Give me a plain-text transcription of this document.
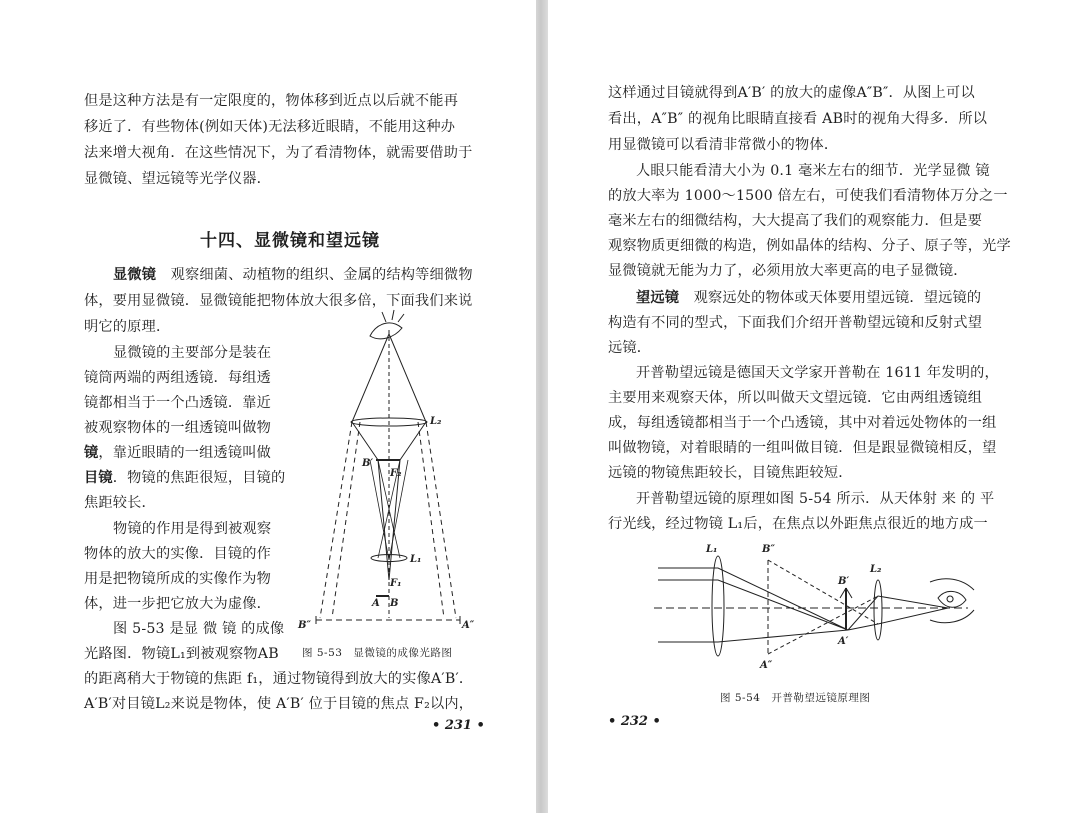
但是这种方法是有一定限度的，物体移到近点以后就不能再
移近了．有些物体(例如天体)无法移近眼睛，不能用这种办
法来增大视角．在这些情况下，为了看清物体，就需要借助于
显微镜、望远镜等光学仪器．
十四、显微镜和望远镜
显微镜　 观察细菌、动植物的组织、金属的结构等细微物
体，要用显微镜．显微镜能把物体放大很多倍，下面我们来说
明它的原理．
显微镜的主要部分是装在
镜筒两端的两组透镜．每组透
镜都相当于一个凸透镜．靠近
被观察物体的一组透镜叫做物
镜，靠近眼睛的一组透镜叫做
目镜．物镜的焦距很短，目镜的
焦距较长．
物镜的作用是得到被观察
物体的放大的实像．目镜的作
用是把物镜所成的实像作为物
体，进一步把它放大为虚像．
图 5-53 是显 微 镜 的成像
光路图．物镜L₁到被观察物AB
的距离稍大于物镜的焦距 f₁，通过物镜得到放大的实像A′B′．
A′B′对目镜L₂来说是物体，使 A′B′ 位于目镜的焦点 F₂以内，
L₂
B′
F₂
L₁
F₁
A B
B″	A″
图 5-53　显微镜的成像光路图
• 231 •
这样通过目镜就得到A′B′ 的放大的虚像A″B″．从图上可以
看出，A″B″ 的视角比眼睛直接看 AB时的视角大得多．所以
用显微镜可以看清非常微小的物体．
人眼只能看清大小为 0.1 毫米左右的细节．光学显微 镜
的放大率为 1000～1500 倍左右，可使我们看清物体万分之一
毫米左右的细微结构，大大提高了我们的观察能力．但是要
观察物质更细微的构造，例如晶体的结构、分子、原子等，光学
显微镜就无能为力了，必须用放大率更高的电子显微镜．
望远镜　 观察远处的物体或天体要用望远镜．望远镜的
构造有不同的型式，下面我们介绍开普勒望远镜和反射式望
远镜．
开普勒望远镜是德国天文学家开普勒在 1611 年发明的，
主要用来观察天体，所以叫做天文望远镜．它由两组透镜组
成，每组透镜都相当于一个凸透镜，其中对着远处物体的一组
叫做物镜，对着眼睛的一组叫做目镜．但是跟显微镜相反，望
远镜的物镜焦距较长，目镜焦距较短．
开普勒望远镜的原理如图 5-54 所示．从天体射 来 的 平
行光线，经过物镜 L₁后，在焦点以外距焦点很近的地方成一
L₁	B″
B′
L₂
A′
A″
图 5-54　开普勒望远镜原理图
• 232 •
